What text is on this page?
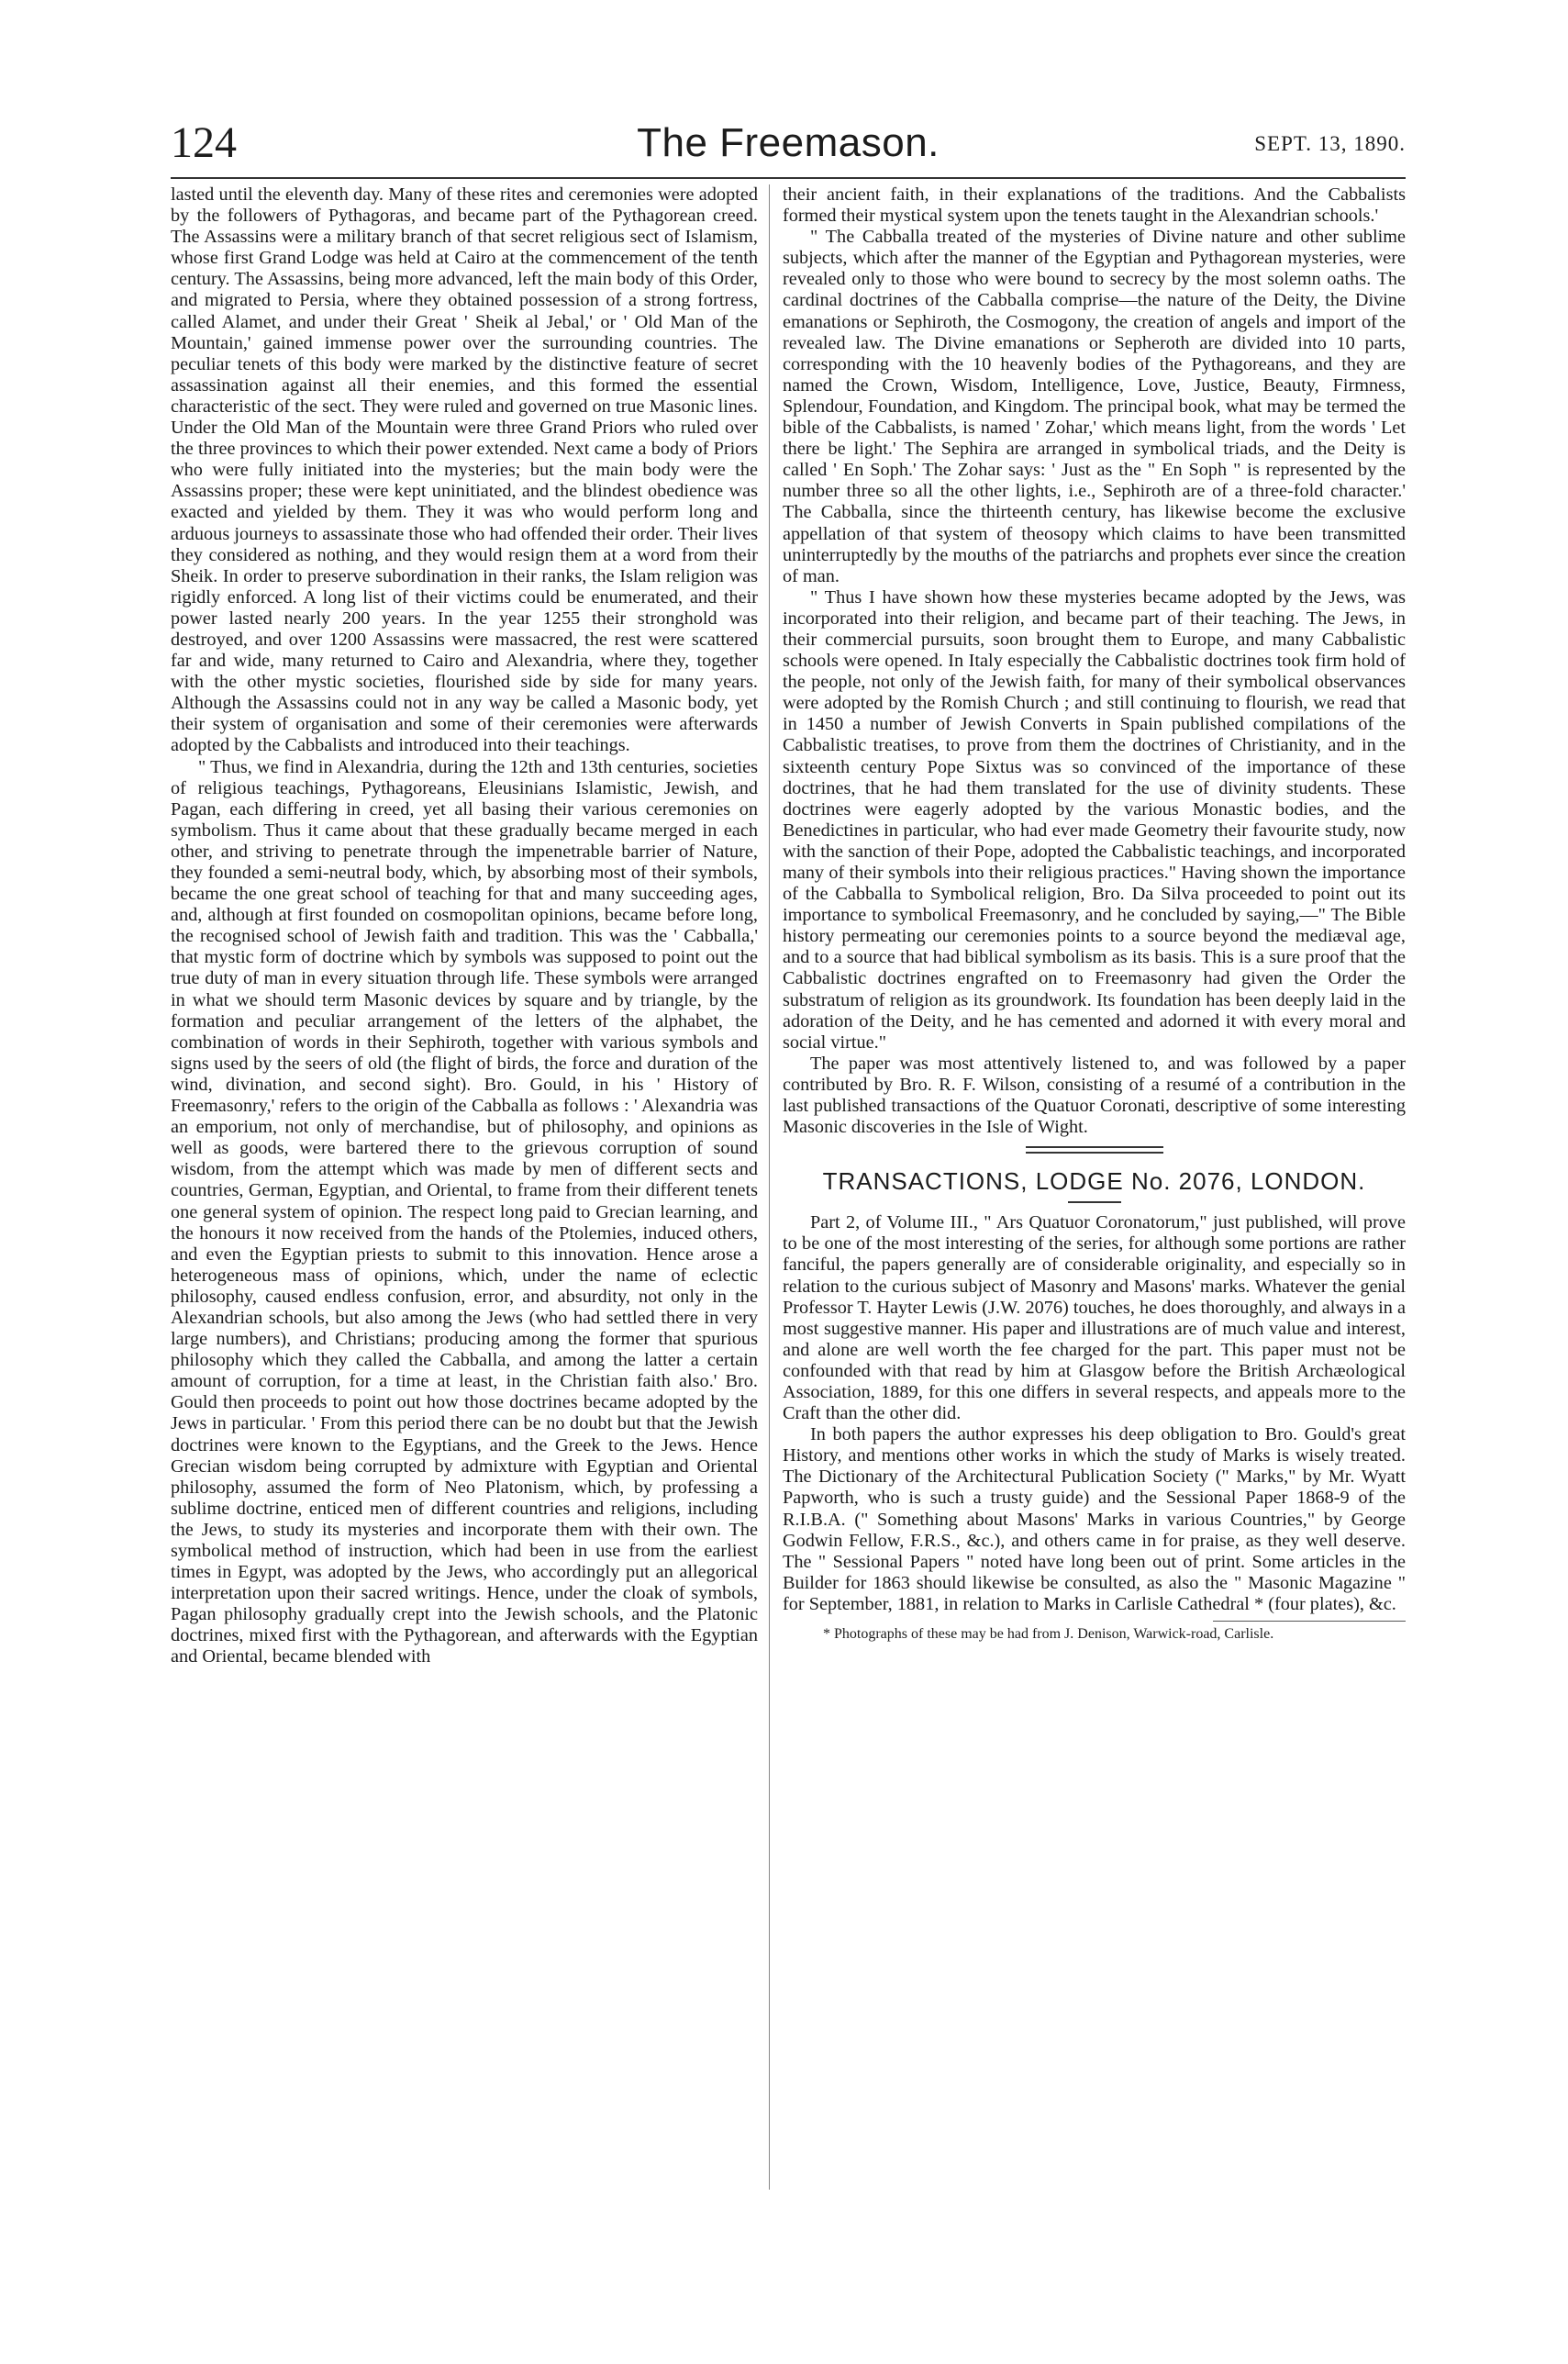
124	The Freemason.	SEPT. 13, 1890.

lasted until the eleventh day. Many of these rites and ceremonies were adopted by the followers of Pythagoras, and became part of the Pythagorean creed. The Assassins were a military branch of that secret religious sect of Islamism, whose first Grand Lodge was held at Cairo at the commencement of the tenth century. The Assassins, being more advanced, left the main body of this Order, and migrated to Persia, where they obtained possession of a strong fortress, called Alamet, and under their Great ' Sheik al Jebal,' or ' Old Man of the Mountain,' gained immense power over the surrounding countries. The peculiar tenets of this body were marked by the distinctive feature of secret assassination against all their enemies, and this formed the essential characteristic of the sect. They were ruled and governed on true Masonic lines. Under the Old Man of the Mountain were three Grand Priors who ruled over the three provinces to which their power extended. Next came a body of Priors who were fully initiated into the mysteries; but the main body were the Assassins proper; these were kept uninitiated, and the blindest obedience was exacted and yielded by them. They it was who would perform long and arduous journeys to assassinate those who had offended their order. Their lives they considered as nothing, and they would resign them at a word from their Sheik. In order to preserve subordination in their ranks, the Islam religion was rigidly enforced. A long list of their victims could be enumerated, and their power lasted nearly 200 years. In the year 1255 their stronghold was destroyed, and over 1200 Assassins were massacred, the rest were scattered far and wide, many returned to Cairo and Alexandria, where they, together with the other mystic societies, flourished side by side for many years. Although the Assassins could not in any way be called a Masonic body, yet their system of organisation and some of their ceremonies were afterwards adopted by the Cabbalists and introduced into their teachings.

" Thus, we find in Alexandria, during the 12th and 13th centuries, societies of religious teachings, Pythagoreans, Eleusinians Islamistic, Jewish, and Pagan, each differing in creed, yet all basing their various ceremonies on symbolism. Thus it came about that these gradually became merged in each other, and striving to penetrate through the impenetrable barrier of Nature, they founded a semi-neutral body, which, by absorbing most of their symbols, became the one great school of teaching for that and many succeeding ages, and, although at first founded on cosmopolitan opinions, became before long, the recognised school of Jewish faith and tradition. This was the ' Cabballa,' that mystic form of doctrine which by symbols was supposed to point out the true duty of man in every situation through life. These symbols were arranged in what we should term Masonic devices by square and by triangle, by the formation and peculiar arrangement of the letters of the alphabet, the combination of words in their Sephiroth, together with various symbols and signs used by the seers of old (the flight of birds, the force and duration of the wind, divination, and second sight). Bro. Gould, in his ' History of Freemasonry,' refers to the origin of the Cabballa as follows : ' Alexandria was an emporium, not only of merchandise, but of philosophy, and opinions as well as goods, were bartered there to the grievous corruption of sound wisdom, from the attempt which was made by men of different sects and countries, German, Egyptian, and Oriental, to frame from their different tenets one general system of opinion. The respect long paid to Grecian learning, and the honours it now received from the hands of the Ptolemies, induced others, and even the Egyptian priests to submit to this innovation. Hence arose a heterogeneous mass of opinions, which, under the name of eclectic philosophy, caused endless confusion, error, and absurdity, not only in the Alexandrian schools, but also among the Jews (who had settled there in very large numbers), and Christians; producing among the former that spurious philosophy which they called the Cabballa, and among the latter a certain amount of corruption, for a time at least, in the Christian faith also.' Bro. Gould then proceeds to point out how those doctrines became adopted by the Jews in particular. ' From this period there can be no doubt but that the Jewish doctrines were known to the Egyptians, and the Greek to the Jews. Hence Grecian wisdom being corrupted by admixture with Egyptian and Oriental philosophy, assumed the form of Neo Platonism, which, by professing a sublime doctrine, enticed men of different countries and religions, including the Jews, to study its mysteries and incorporate them with their own. The symbolical method of instruction, which had been in use from the earliest times in Egypt, was adopted by the Jews, who accordingly put an allegorical interpretation upon their sacred writings. Hence, under the cloak of symbols, Pagan philosophy gradually crept into the Jewish schools, and the Platonic doctrines, mixed first with the Pythagorean, and afterwards with the Egyptian and Oriental, became blended with

their ancient faith, in their explanations of the traditions. And the Cabbalists formed their mystical system upon the tenets taught in the Alexandrian schools.'

" The Cabballa treated of the mysteries of Divine nature and other sublime subjects, which after the manner of the Egyptian and Pythagorean mysteries, were revealed only to those who were bound to secrecy by the most solemn oaths. The cardinal doctrines of the Cabballa comprise—the nature of the Deity, the Divine emanations or Sephiroth, the Cosmogony, the creation of angels and import of the revealed law. The Divine emanations or Sepheroth are divided into 10 parts, corresponding with the 10 heavenly bodies of the Pythagoreans, and they are named the Crown, Wisdom, Intelligence, Love, Justice, Beauty, Firmness, Splendour, Foundation, and Kingdom. The principal book, what may be termed the bible of the Cabbalists, is named ' Zohar,' which means light, from the words ' Let there be light.' The Sephira are arranged in symbolical triads, and the Deity is called ' En Soph.' The Zohar says: ' Just as the " En Soph " is represented by the number three so all the other lights, i.e., Sephiroth are of a three-fold character.' The Cabballa, since the thirteenth century, has likewise become the exclusive appellation of that system of theosopy which claims to have been transmitted uninterruptedly by the mouths of the patriarchs and prophets ever since the creation of man.

" Thus I have shown how these mysteries became adopted by the Jews, was incorporated into their religion, and became part of their teaching. The Jews, in their commercial pursuits, soon brought them to Europe, and many Cabbalistic schools were opened. In Italy especially the Cabbalistic doctrines took firm hold of the people, not only of the Jewish faith, for many of their symbolical observances were adopted by the Romish Church ; and still continuing to flourish, we read that in 1450 a number of Jewish Converts in Spain published compilations of the Cabbalistic treatises, to prove from them the doctrines of Christianity, and in the sixteenth century Pope Sixtus was so convinced of the importance of these doctrines, that he had them translated for the use of divinity students. These doctrines were eagerly adopted by the various Monastic bodies, and the Benedictines in particular, who had ever made Geometry their favourite study, now with the sanction of their Pope, adopted the Cabbalistic teachings, and incorporated many of their symbols into their religious practices." Having shown the importance of the Cabballa to Symbolical religion, Bro. Da Silva proceeded to point out its importance to symbolical Freemasonry, and he concluded by saying,—" The Bible history permeating our ceremonies points to a source beyond the mediæval age, and to a source that had biblical symbolism as its basis. This is a sure proof that the Cabbalistic doctrines engrafted on to Freemasonry had given the Order the substratum of religion as its groundwork. Its foundation has been deeply laid in the adoration of the Deity, and he has cemented and adorned it with every moral and social virtue."

The paper was most attentively listened to, and was followed by a paper contributed by Bro. R. F. Wilson, consisting of a resumé of a contribution in the last published transactions of the Quatuor Coronati, descriptive of some interesting Masonic discoveries in the Isle of Wight.

TRANSACTIONS, LODGE No. 2076, LONDON.

Part 2, of Volume III., " Ars Quatuor Coronatorum," just published, will prove to be one of the most interesting of the series, for although some portions are rather fanciful, the papers generally are of considerable originality, and especially so in relation to the curious subject of Masonry and Masons' marks. Whatever the genial Professor T. Hayter Lewis (J.W. 2076) touches, he does thoroughly, and always in a most suggestive manner. His paper and illustrations are of much value and interest, and alone are well worth the fee charged for the part. This paper must not be confounded with that read by him at Glasgow before the British Archæological Association, 1889, for this one differs in several respects, and appeals more to the Craft than the other did.

In both papers the author expresses his deep obligation to Bro. Gould's great History, and mentions other works in which the study of Marks is wisely treated. The Dictionary of the Architectural Publication Society (" Marks," by Mr. Wyatt Papworth, who is such a trusty guide) and the Sessional Paper 1868-9 of the R.I.B.A. (" Something about Masons' Marks in various Countries," by George Godwin Fellow, F.R.S., &c.), and others came in for praise, as they well deserve. The " Sessional Papers " noted have long been out of print. Some articles in the Builder for 1863 should likewise be consulted, as also the " Masonic Magazine " for September, 1881, in relation to Marks in Carlisle Cathedral * (four plates), &c.

* Photographs of these may be had from J. Denison, Warwick-road, Carlisle.
